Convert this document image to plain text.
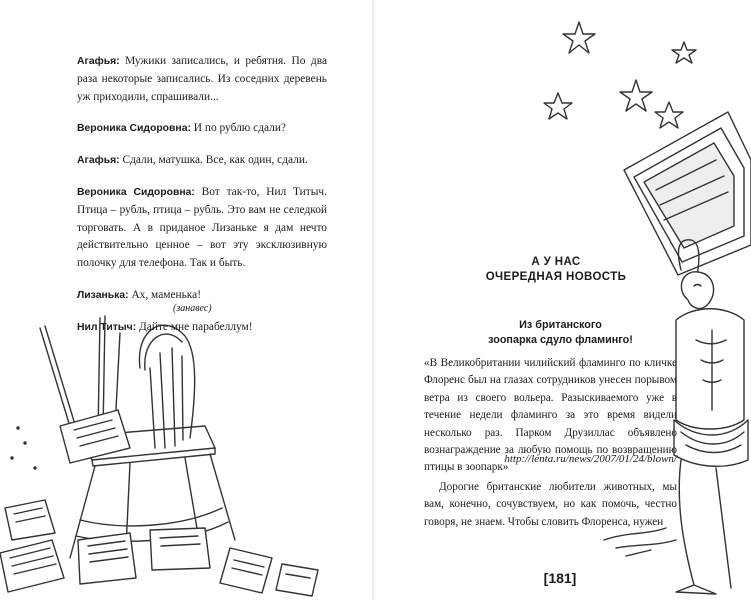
Агафья: Мужики записались, и ребятня. По два раза некоторые записались. Из соседних деревень уж приходили, спрашивали...

Вероника Сидоровна: И по рублю сдали?

Агафья: Сдали, матушка. Все, как один, сдали.

Вероника Сидоровна: Вот так-то, Нил Титыч. Птица – рубль, птица – рубль. Это вам не селедкой торговать. А в приданое Лизаньке я дам нечто действительно ценное – вот эту эксклюзивную полочку для телефона. Так и быть.

Лизанька: Ах, маменька!

Нил Титыч: Дайте мне парабеллум!

(занавес)
А У НАС
ОЧЕРЕДНАЯ НОВОСТЬ
Из британского
зоопарка сдуло фламинго!

«В Великобритании чилийский фламинго по кличке Флоренс был на глазах сотрудников унесен порывом ветра из своего вольера. Разыскиваемого уже в течение недели фламинго за это время видели несколько раз. Парком Друзиллас объявлено вознаграждение за любую помощь по возвращению птицы в зоопарк»

http://lenta.ru/news/2007/01/24/blown/

Дорогие британские любители животных, мы вам, конечно, сочувствуем, но как помочь, честно говоря, не знаем. Чтобы словить Флоренса, нужен

[181]
